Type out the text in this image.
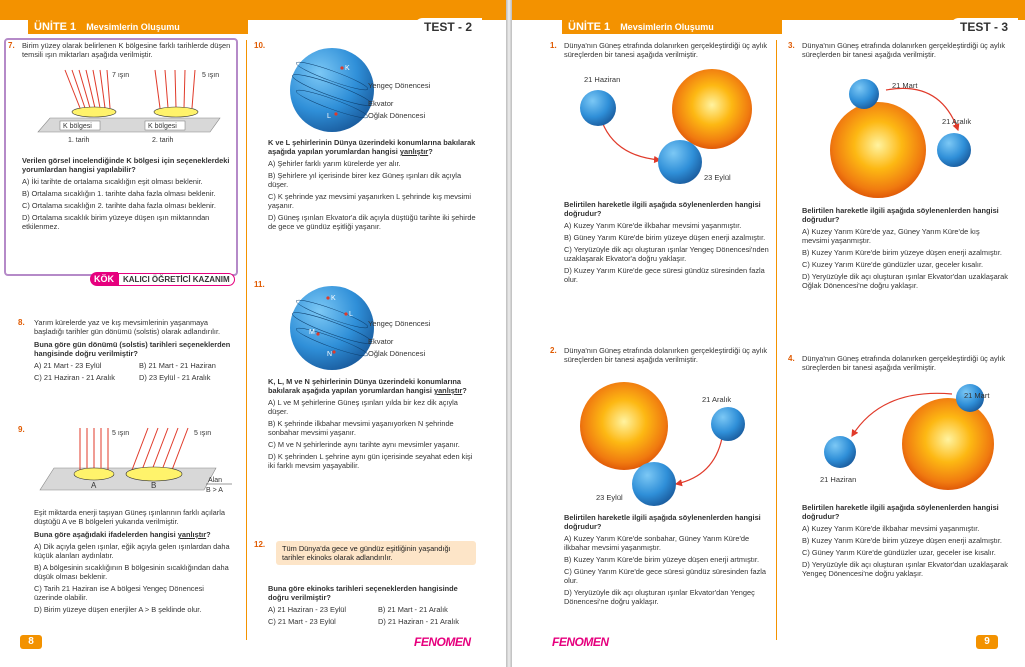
ÜNİTE 1 Mevsimlerin Oluşumu	TEST - 2
7. Birim yüzey olarak belirlenen K bölgesine farklı tarihlerde düşen temsili ışın miktarları aşağıda verilmiştir.
7 ışın	5 ışın
K bölgesi	K bölgesi
1. tarih	2. tarih
Verilen görsel incelendiğinde K bölgesi için seçeneklerdeki yorumlardan hangisi yapılabilir?
A) İki tarihte de ortalama sıcaklığın eşit olması beklenir.
B) Ortalama sıcaklığın 1. tarihte daha fazla olması beklenir.
C) Ortalama sıcaklığın 2. tarihte daha fazla olması beklenir.
D) Ortalama sıcaklık birim yüzeye düşen ışın miktarından etkilenmez.
KÖK	KALICI ÖĞRETİCİ KAZANIM
8. Yarım kürelerde yaz ve kış mevsimlerinin yaşanmaya başladığı tarihler gün dönümü (solstis) olarak adlandırılır.
Buna göre gün dönümü (solstis) tarihleri seçeneklerden hangisinde doğru verilmiştir?
A) 21 Mart - 23 Eylül	B) 21 Mart - 21 Haziran
C) 21 Haziran - 21 Aralık	D) 23 Eylül - 21 Aralık
9.	5 ışın	5 ışın
A	B
Alan
B > A
Eşit miktarda enerji taşıyan Güneş ışınlarının farklı açılarla düştüğü A ve B bölgeleri yukarıda verilmiştir.
Buna göre aşağıdaki ifadelerden hangisi yanlıştır?
A) Dik açıyla gelen ışınlar, eğik açıyla gelen ışınlardan daha küçük alanları aydınlatır.
B) A bölgesinin sıcaklığının B bölgesinin sıcaklığından daha düşük olması beklenir.
C) Tarih 21 Haziran ise A bölgesi Yengeç Dönencesi üzerinde olabilir.
D) Birim yüzeye düşen enerjiler A > B şeklinde olur.
10.
K
L
Yengeç Dönencesi
Ekvator
Oğlak Dönencesi
K ve L şehirlerinin Dünya üzerindeki konumlarına bakılarak aşağıda yapılan yorumlardan hangisi yanlıştır?
A) Şehirler farklı yarım kürelerde yer alır.
B) Şehirlere yıl içerisinde birer kez Güneş ışınları dik açıyla düşer.
C) K şehrinde yaz mevsimi yaşanırken L şehrinde kış mevsimi yaşanır.
D) Güneş ışınları Ekvator'a dik açıyla düştüğü tarihte iki şehirde de gece ve gündüz eşitliği yaşanır.
11.
K
L
M
N
Yengeç Dönencesi
Ekvator
Oğlak Dönencesi
K, L, M ve N şehirlerinin Dünya üzerindeki konumlarına bakılarak aşağıda yapılan yorumlardan hangisi yanlıştır?
A) L ve M şehirlerine Güneş ışınları yılda bir kez dik açıyla düşer.
B) K şehrinde ilkbahar mevsimi yaşanıyorken N şehrinde sonbahar mevsimi yaşanır.
C) M ve N şehirlerinde aynı tarihte aynı mevsimler yaşanır.
D) K şehrinden L şehrine aynı gün içerisinde seyahat eden kişi iki farklı mevsim yaşayabilir.
12.	Tüm Dünya'da gece ve gündüz eşitliğinin yaşandığı tarihler ekinoks olarak adlandırılır.
Buna göre ekinoks tarihleri seçeneklerden hangisinde doğru verilmiştir?
A) 21 Haziran - 23 Eylül	B) 21 Mart - 21 Aralık
C) 21 Mart - 23 Eylül	D) 21 Haziran - 21 Aralık
8	FENOMEN
ÜNİTE 1 Mevsimlerin Oluşumu	TEST - 3
1. Dünya'nın Güneş etrafında dolanırken gerçekleştirdiği üç aylık süreçlerden bir tanesi aşağıda verilmiştir.
21 Haziran
23 Eylül
Belirtilen hareketle ilgili aşağıda söylenenlerden hangisi doğrudur?
A) Kuzey Yarım Küre'de ilkbahar mevsimi yaşanmıştır.
B) Güney Yarım Küre'de birim yüzeye düşen enerji azalmıştır.
C) Yeryüzüyle dik açı oluşturan ışınlar Yengeç Dönencesi'nden uzaklaşarak Ekvator'a doğru yaklaşır.
D) Kuzey Yarım Küre'de gece süresi gündüz süresinden fazla olur.
2. Dünya'nın Güneş etrafında dolanırken gerçekleştirdiği üç aylık süreçlerden bir tanesi aşağıda verilmiştir.
21 Aralık
23 Eylül
Belirtilen hareketle ilgili aşağıda söylenenlerden hangisi doğrudur?
A) Kuzey Yarım Küre'de sonbahar, Güney Yarım Küre'de ilkbahar mevsimi yaşanmıştır.
B) Kuzey Yarım Küre'de birim yüzeye düşen enerji artmıştır.
C) Güney Yarım Küre'de gece süresi gündüz süresinden fazla olur.
D) Yeryüzüyle dik açı oluşturan ışınlar Ekvator'dan Yengeç Dönencesi'ne doğru yaklaşır.
3. Dünya'nın Güneş etrafında dolanırken gerçekleştirdiği üç aylık süreçlerden bir tanesi aşağıda verilmiştir.
21 Mart
21 Aralık
Belirtilen hareketle ilgili aşağıda söylenenlerden hangisi doğrudur?
A) Kuzey Yarım Küre'de yaz, Güney Yarım Küre'de kış mevsimi yaşanmıştır.
B) Kuzey Yarım Küre'de birim yüzeye düşen enerji azalmıştır.
C) Kuzey Yarım Küre'de gündüzler uzar, geceler kısalır.
D) Yeryüzüyle dik açı oluşturan ışınlar Ekvator'dan uzaklaşarak Oğlak Dönencesi'ne doğru yaklaşır.
4. Dünya'nın Güneş etrafında dolanırken gerçekleştirdiği üç aylık süreçlerden bir tanesi aşağıda verilmiştir.
21 Mart
21 Haziran
Belirtilen hareketle ilgili aşağıda söylenenlerden hangisi doğrudur?
A) Kuzey Yarım Küre'de ilkbahar mevsimi yaşanmıştır.
B) Kuzey Yarım Küre'de birim yüzeye düşen enerji azalmıştır.
C) Güney Yarım Küre'de gündüzler uzar, geceler ise kısalır.
D) Yeryüzüyle dik açı oluşturan ışınlar Ekvator'dan uzaklaşarak Yengeç Dönencesi'ne doğru yaklaşır.
FENOMEN	9
